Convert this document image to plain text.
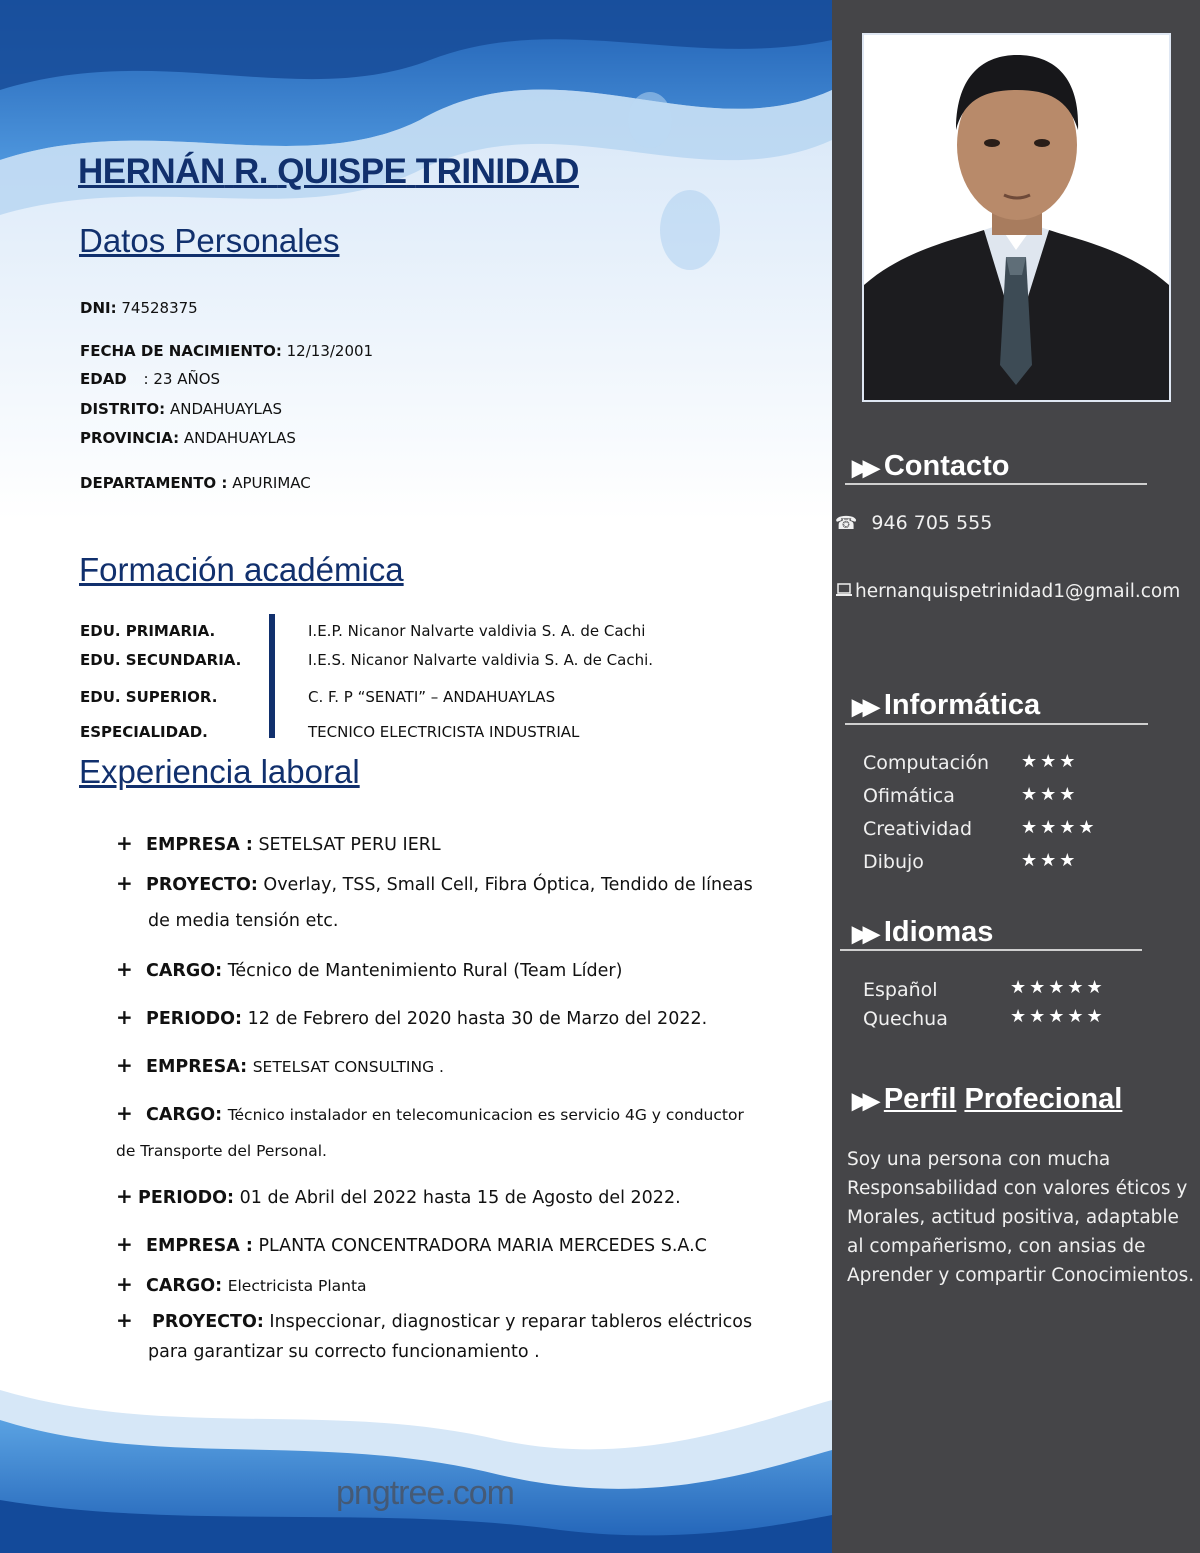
HERNÁN R. QUISPE TRINIDAD
Datos Personales
DNI: 74528375
FECHA DE NACIMIENTO: 12/13/2001
EDAD : 23 AÑOS
DISTRITO: ANDAHUAYLAS
PROVINCIA: ANDAHUAYLAS
DEPARTAMENTO : APURIMAC
Formación académica
EDU. PRIMARIA.	I.E.P. Nicanor Nalvarte valdivia S. A. de Cachi
EDU. SECUNDARIA.	I.E.S. Nicanor Nalvarte valdivia S. A. de Cachi.
EDU. SUPERIOR.	C. F. P “SENATI” – ANDAHUAYLAS
ESPECIALIDAD.	TECNICO ELECTRICISTA INDUSTRIAL
Experiencia laboral
+ EMPRESA : SETELSAT PERU IERL
+ PROYECTO: Overlay, TSS, Small Cell, Fibra Óptica, Tendido de líneas
de media tensión etc.
+ CARGO: Técnico de Mantenimiento Rural (Team Líder)
+ PERIODO: 12 de Febrero del 2020 hasta 30 de Marzo del 2022.
+ EMPRESA: SETELSAT CONSULTING .
+ CARGO: Técnico instalador en telecomunicacion es servicio 4G y conductor
de Transporte del Personal.
+ PERIODO: 01 de Abril del 2022 hasta 15 de Agosto del 2022.
+ EMPRESA : PLANTA CONCENTRADORA MARIA MERCEDES S.A.C
+ CARGO: Electricista Planta
+ PROYECTO: Inspeccionar, diagnosticar y reparar tableros eléctricos
para garantizar su correcto funcionamiento .
pngtree.com
▶▶ Contacto
☎ 946 705 555
hernanquispetrinidad1@gmail.com
▶▶ Informática
Computación ★★★
Ofimática	★★★
Creatividad	★★★★
Dibujo	★★★
▶▶ Idiomas
Español	★★★★★
Quechua	★★★★★
▶▶ Perfil Profecional
Soy una persona con mucha Responsabilidad con valores éticos y Morales, actitud positiva, adaptable al compañerismo, con ansias de Aprender y compartir Conocimientos.
